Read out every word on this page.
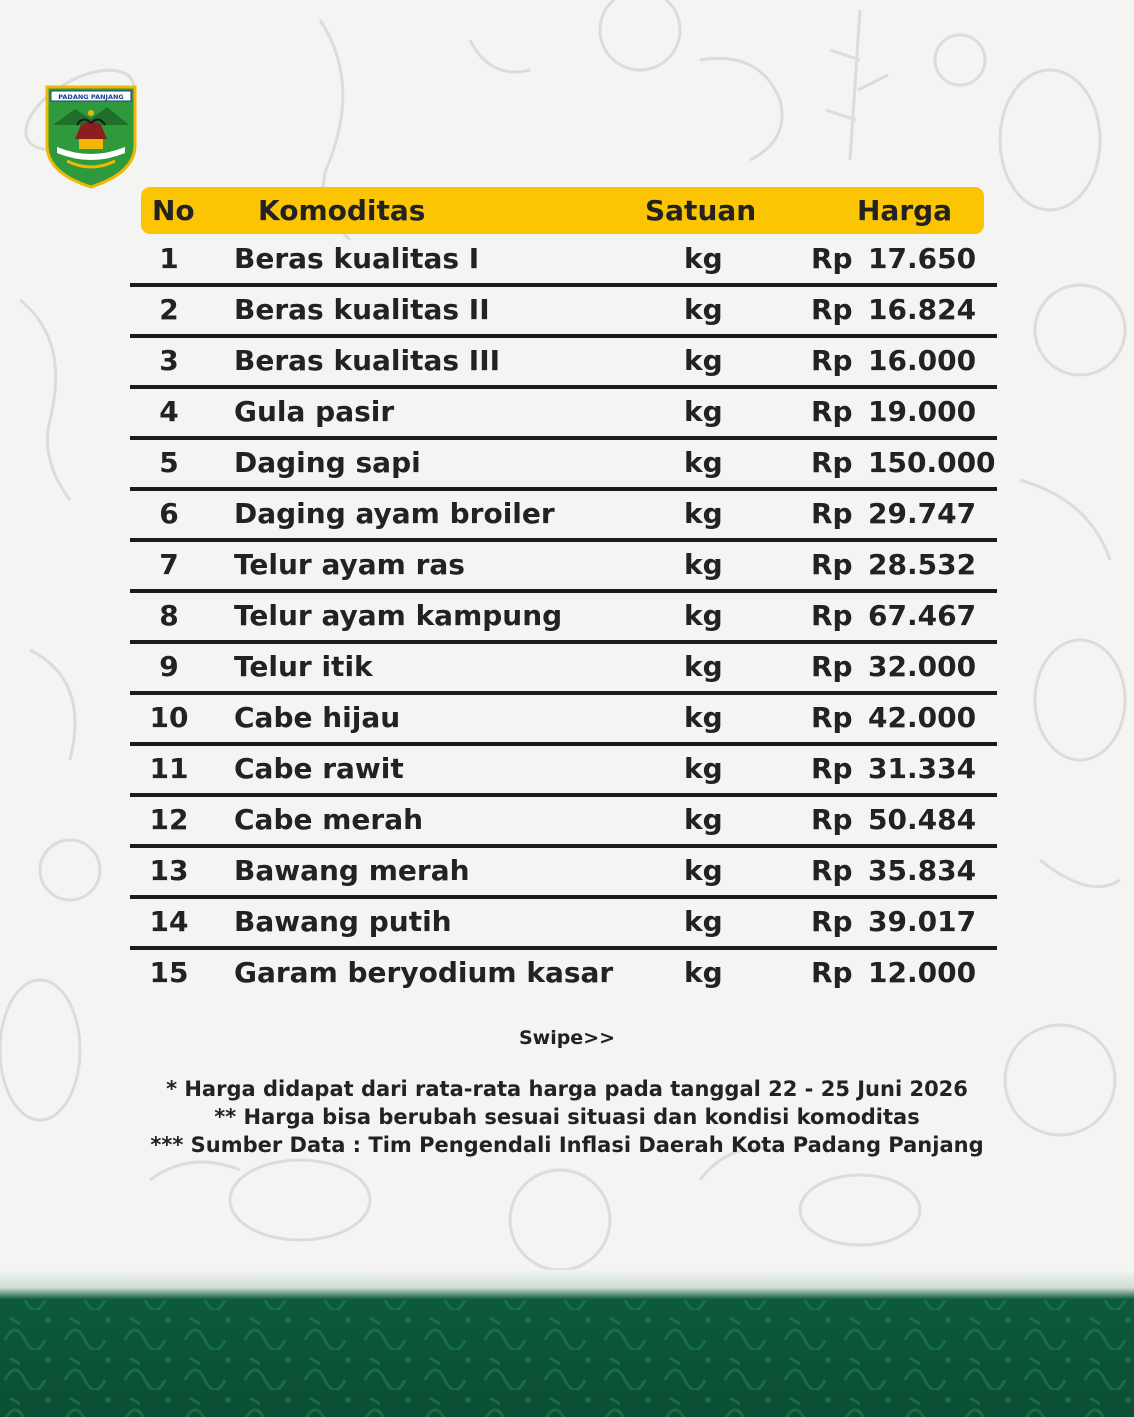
PADANG PANJANG
No Komoditas	Satuan	Harga
1	Beras kualitas I	kg	Rp 17.650
2	Beras kualitas II	kg	Rp 16.824
3	Beras kualitas III	kg	Rp 16.000
4	Gula pasir	kg	Rp 19.000
5	Daging sapi	kg	Rp 150.000
6	Daging ayam broiler	kg	Rp 29.747
7	Telur ayam ras	kg	Rp 28.532
8	Telur ayam kampung	kg	Rp 67.467
9	Telur itik	kg	Rp 32.000
10	Cabe hijau	kg	Rp 42.000
11	Cabe rawit	kg	Rp 31.334
12	Cabe merah	kg	Rp 50.484
13	Bawang merah	kg	Rp 35.834
14	Bawang putih	kg	Rp 39.017
15	Garam beryodium kasar	kg	Rp 12.000
Swipe>>
* Harga didapat dari rata-rata harga pada tanggal 22 - 25 Juni 2026
** Harga bisa berubah sesuai situasi dan kondisi komoditas
*** Sumber Data : Tim Pengendali Inflasi Daerah Kota Padang Panjang
